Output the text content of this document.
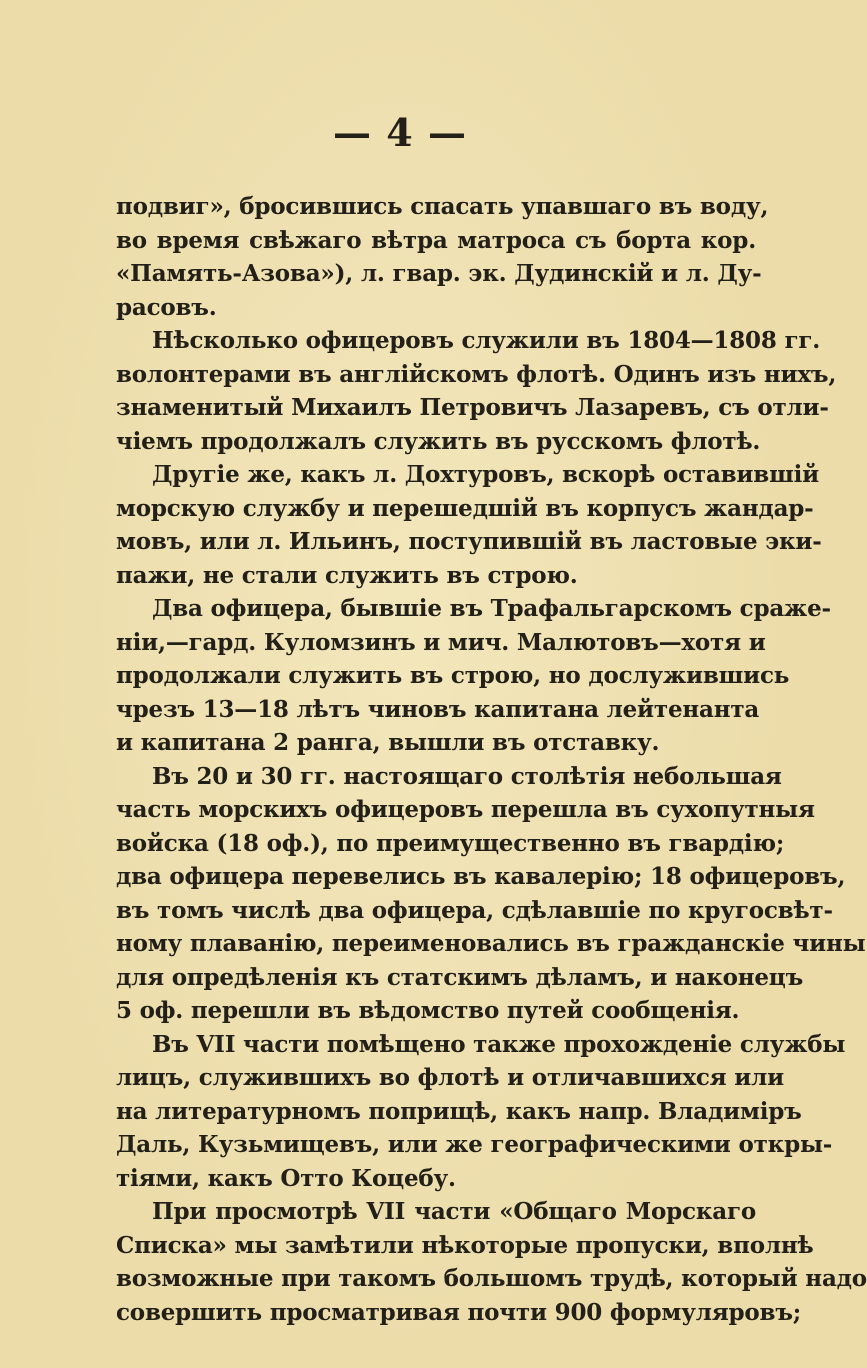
— 4 —
подвиг», бросившись спасать упавшаго въ воду,
во время свѣжаго вѣтра матроса съ борта кор.
«Память-Азова»), л. гвар. эк. Дудинскій и л. Ду-
расовъ.
Нѣсколько офицеровъ служили въ 1804—1808 гг.
волонтерами въ англійскомъ флотѣ. Одинъ изъ нихъ,
знаменитый Михаилъ Петровичъ Лазаревъ, съ отли-
чіемъ продолжалъ служить въ русскомъ флотѣ.
Другіе же, какъ л. Дохтуровъ, вскорѣ оставившій
морскую службу и перешедшій въ корпусъ жандар-
мовъ, или л. Ильинъ, поступившій въ ластовые эки-
пажи, не стали служить въ строю.
Два офицера, бывшіе въ Трафальгарскомъ сраже-
ніи,—гард. Куломзинъ и мич. Малютовъ—хотя и
продолжали служить въ строю, но дослужившись
чрезъ 13—18 лѣтъ чиновъ капитана лейтенанта
и капитана 2 ранга, вышли въ отставку.
Въ 20 и 30 гг. настоящаго столѣтія небольшая
часть морскихъ офицеровъ перешла въ сухопутныя
войска (18 оф.), по преимущественно въ гвардію;
два офицера перевелись въ кавалерію; 18 офицеровъ,
въ томъ числѣ два офицера, сдѣлавшіе по кругосвѣт-
ному плаванію, переименовались въ гражданскіе чины
для опредѣленія къ статскимъ дѣламъ, и наконецъ
5 оф. перешли въ вѣдомство путей сообщенія.
Въ VII части помѣщено также прохожденіе службы
лицъ, служившихъ во флотѣ и отличавшихся или
на литературномъ поприщѣ, какъ напр. Владиміръ
Даль, Кузьмищевъ, или же географическими откры-
тіями, какъ Отто Коцебу.
При просмотрѣ VII части «Общаго Морскаго
Списка» мы замѣтили нѣкоторые пропуски, вполнѣ
возможные при такомъ большомъ трудѣ, который надо
совершить просматривая почти 900 формуляровъ;
